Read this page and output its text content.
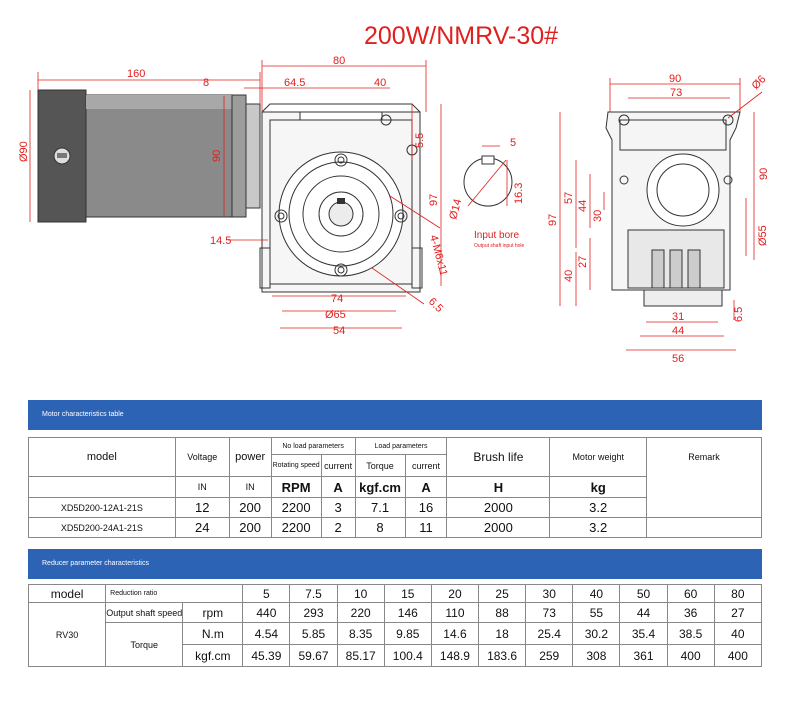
200W/NMRV-30#
160
80
64.5	40
8
90
Ø90
5.5
97
14.5
74
Ø65
54
6.5
4-M6x11
5
16.3
Ø14
Input bore
Output shaft input hole
90
73
Ø6
90
Ø55
97
57
44
30
27
40
31
44
56
6.5
Motor characteristics table
model	Voltage	power	No load parameters		Load parameters		Brush life	Motor weight	Remark
			Rotating speed	current	Torque	current			
	IN	IN	RPM	A	kgf.cm	A	H	kg	
XD5D200-12A1-21S	12	200	2200	3	7.1	16	2000	3.2	
XD5D200-24A1-21S	24	200	2200	2	8	11	2000	3.2	
Reducer parameter characteristics
model	Reduction ratio		5	7.5	10	15	20	25	30	40	50	60	80
RV30	Output shaft speed	rpm	440	293	220	146	110	88	73	55	44	36	27
	Torque	N.m	4.54	5.85	8.35	9.85	14.6	18	25.4	30.2	35.4	38.5	40
		kgf.cm	45.39	59.67	85.17	100.4	148.9	183.6	259	308	361	400	400
